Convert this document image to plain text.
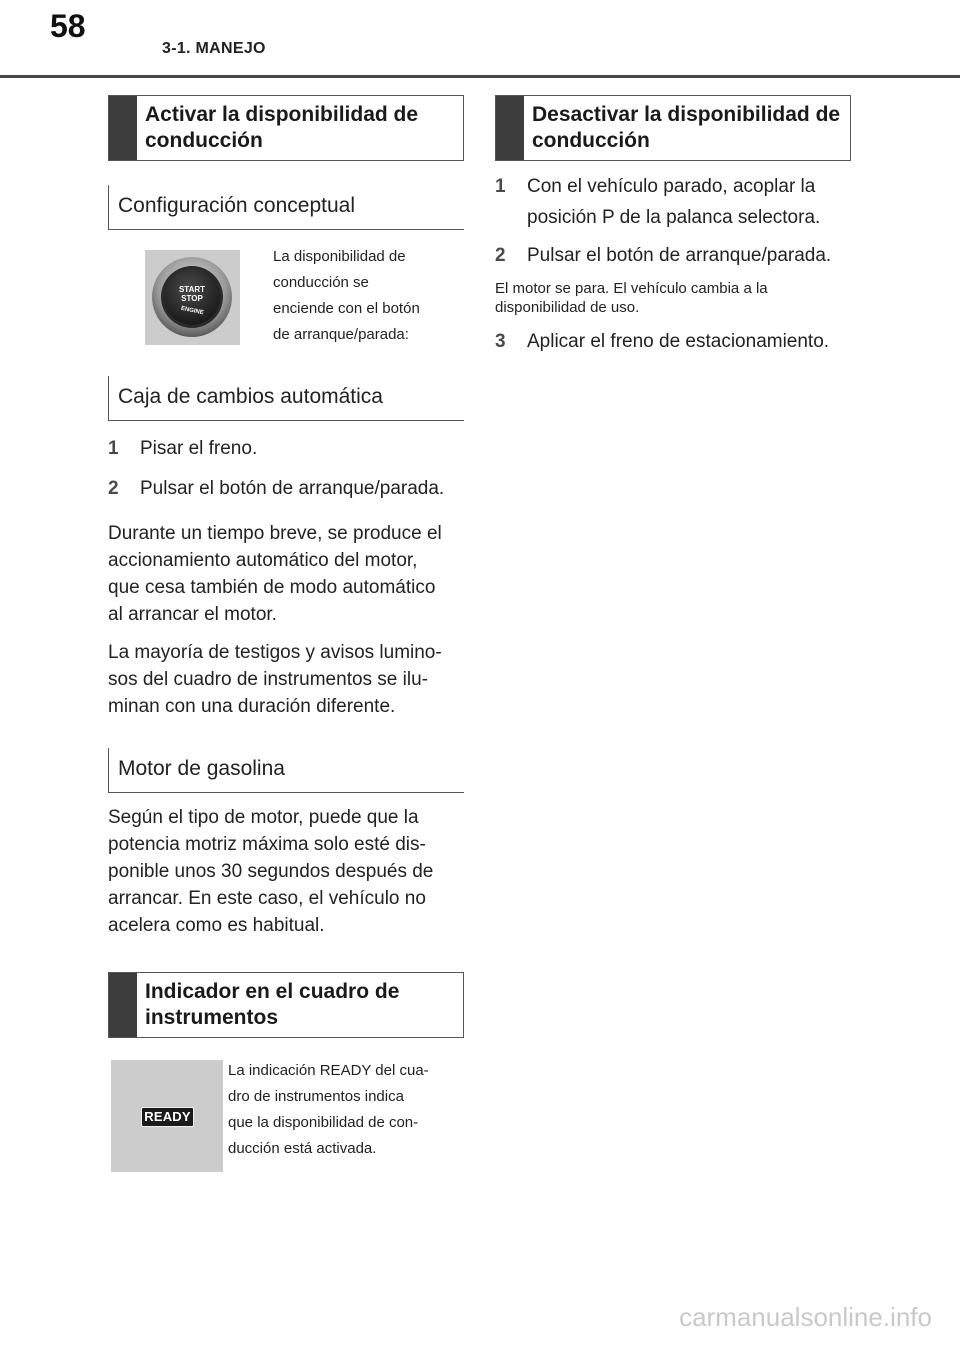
58
3-1. MANEJO
Activar la disponibilidad de conducción
Configuración conceptual
START
STOP
ENGINE
La disponibilidad de
conducción se
enciende con el botón
de arranque/parada:
Caja de cambios automática
1 Pisar el freno.
2 Pulsar el botón de arranque/parada.

Durante un tiempo breve, se produce el

accionamiento automático del motor,

que cesa también de modo automático

al arrancar el motor.

La mayoría de testigos y avisos lumino-

sos del cuadro de instrumentos se ilu-

minan con una duración diferente.

Motor de gasolina

Según el tipo de motor, puede que la

potencia motriz máxima solo esté dis-

ponible unos 30 segundos después de

arrancar. En este caso, el vehículo no

acelera como es habitual.

Indicador en el cuadro de instrumentos
READY
La indicación READY del cua-
dro de instrumentos indica
que la disponibilidad de con-
ducción está activada.
Desactivar la disponibilidad de conducción
1 Con el vehículo parado, acoplar la
posición P de la palanca selectora.
2 Pulsar el botón de arranque/parada.

El motor se para. El vehículo cambia a la

disponibilidad de uso.

3 Aplicar el freno de estacionamiento.
carmanualsonline.info
